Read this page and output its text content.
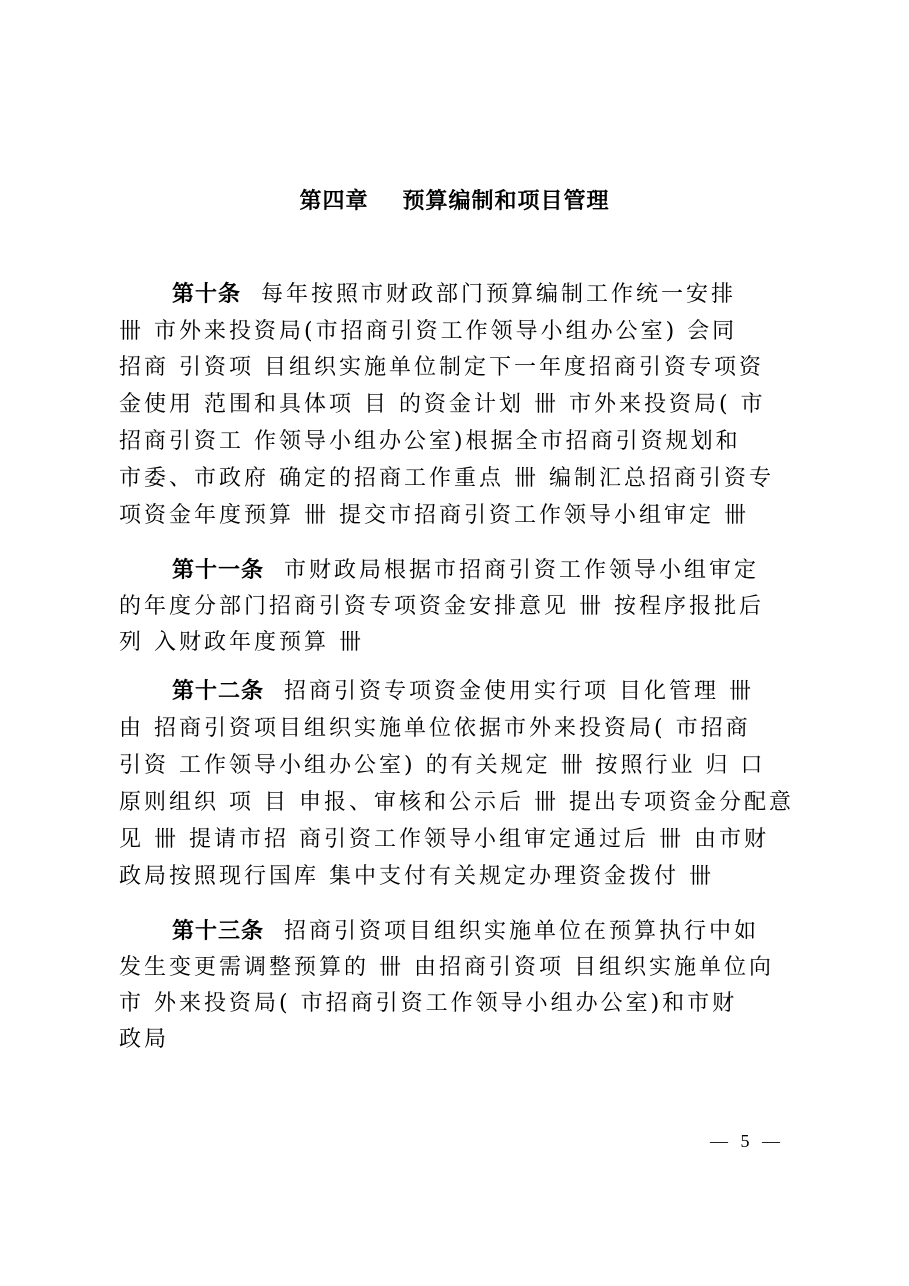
第四章 预算编制和项目管理
第十条 每年按照市财政部门预算编制工作统一安排
卌 市外来投资局(市招商引资工作领导小组办公室) 会同
招商 引资项 目组织实施单位制定下一年度招商引资专项资
金使用 范围和具体项 目 的资金计划 卌 市外来投资局( 市
招商引资工 作领导小组办公室)根据全市招商引资规划和
市委、市政府 确定的招商工作重点 卌 编制汇总招商引资专
项资金年度预算 卌 提交市招商引资工作领导小组审定 卌
第十一条 市财政局根据市招商引资工作领导小组审定
的年度分部门招商引资专项资金安排意见 卌 按程序报批后
列 入财政年度预算 卌
第十二条 招商引资专项资金使用实行项 目化管理 卌
由 招商引资项目组织实施单位依据市外来投资局( 市招商
引资 工作领导小组办公室) 的有关规定 卌 按照行业 归 口
原则组织 项 目 申报、审核和公示后 卌 提出专项资金分配意
见 卌 提请市招 商引资工作领导小组审定通过后 卌 由市财
政局按照现行国库 集中支付有关规定办理资金拨付 卌
第十三条 招商引资项目组织实施单位在预算执行中如
发生变更需调整预算的 卌 由招商引资项 目组织实施单位向
市 外来投资局( 市招商引资工作领导小组办公室)和市财
政局
— 5 —
